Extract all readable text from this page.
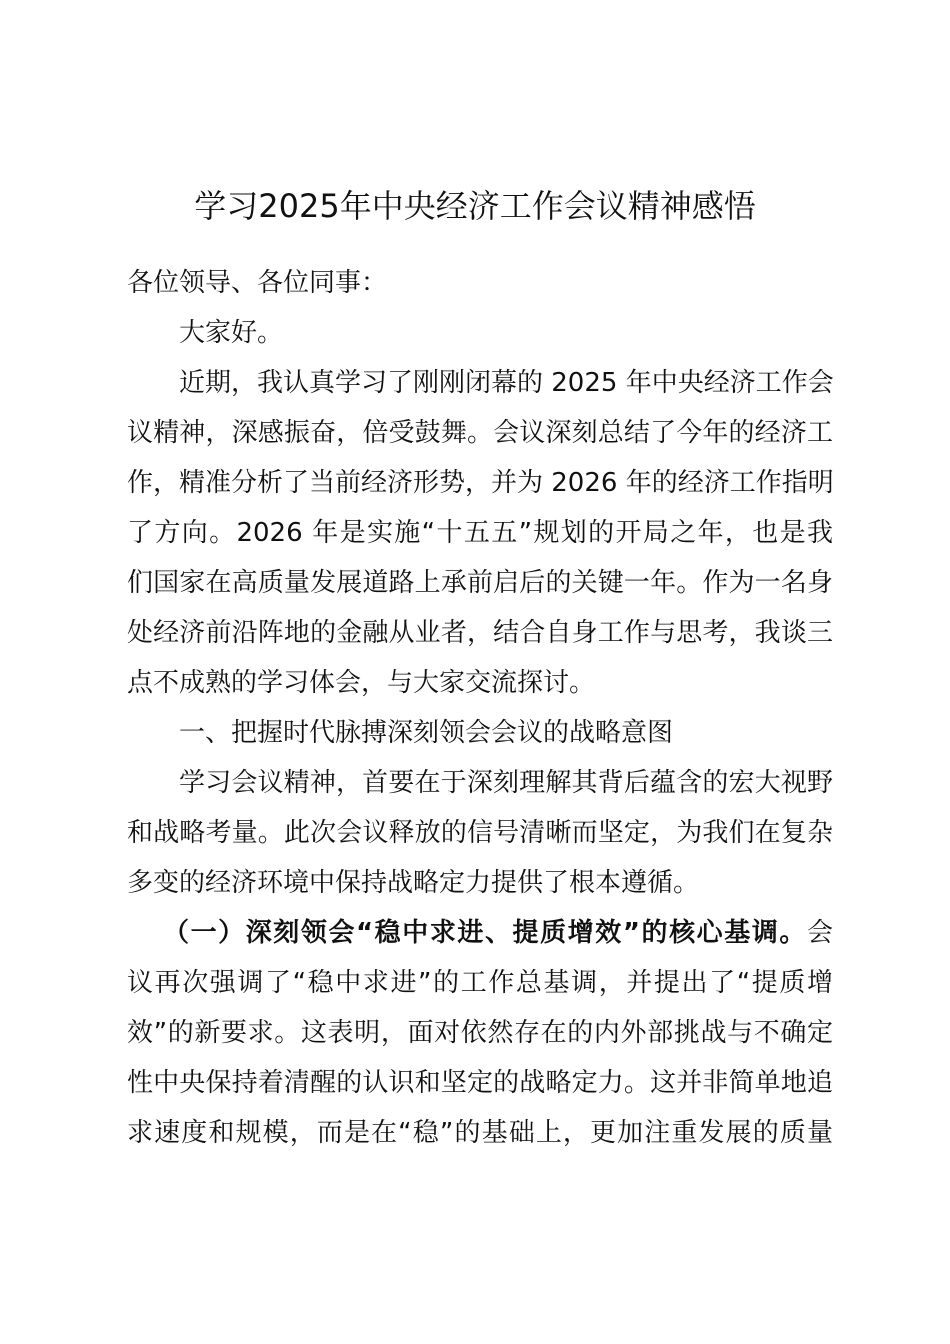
学习2025年中央经济工作会议精神感悟
各位领导、各位同事：
大家好。
近期，我认真学习了刚刚闭幕的 2025 年中央经济工作会
议精神，深感振奋，倍受鼓舞。会议深刻总结了今年的经济工
作，精准分析了当前经济形势，并为 2026 年的经济工作指明
了方向。2026 年是实施“十五五”规划的开局之年，也是我
们国家在高质量发展道路上承前启后的关键一年。作为一名身
处经济前沿阵地的金融从业者，结合自身工作与思考，我谈三
点不成熟的学习体会，与大家交流探讨。
一、把握时代脉搏深刻领会会议的战略意图
学习会议精神，首要在于深刻理解其背后蕴含的宏大视野
和战略考量。此次会议释放的信号清晰而坚定，为我们在复杂
多变的经济环境中保持战略定力提供了根本遵循。
（一）深刻领会“稳中求进、提质增效”的核心基调。会
议再次强调了“稳中求进”的工作总基调，并提出了“提质增
效”的新要求。这表明，面对依然存在的内外部挑战与不确定
性中央保持着清醒的认识和坚定的战略定力。这并非简单地追
求速度和规模，而是在“稳”的基础上，更加注重发展的质量
